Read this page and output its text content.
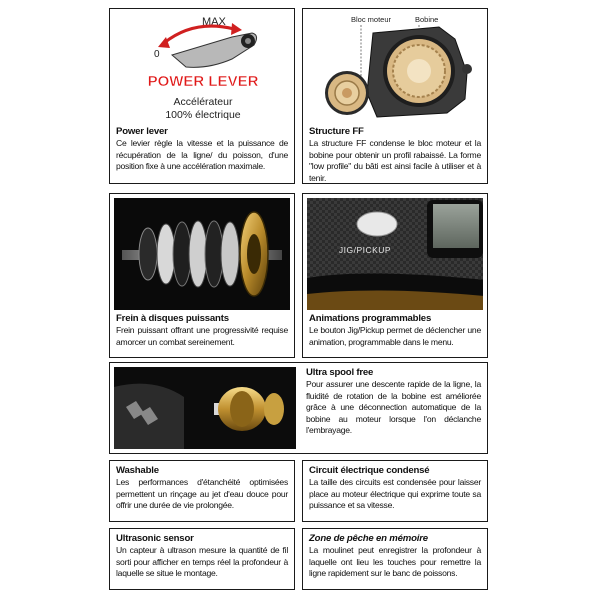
MAX
0
POWER LEVER
Accélérateur
100% électrique
Power lever
Ce levier règle la vitesse et la puissance de récupération de la ligne/ du poisson, d'une position fixe à une accélération maximale.
Bloc moteur	Bobine
Structure FF
La structure FF condense le bloc moteur et la bobine pour obtenir un profil rabaissé. La forme "low profile" du bâti est ainsi facile à utiliser et à tenir.
Frein à disques puissants
Frein puissant offrant une progressivité requise amorcer un combat sereinement.
JIG/PICKUP
Animations programmables
Le bouton Jig/Pickup permet de déclencher une animation, programmable dans le menu.
Ultra spool free
Pour assurer une descente rapide de la ligne, la fluidité de rotation de la bobine est améliorée grâce à une déconnection automatique de la bobine au moteur lorsque l'on déclanche l'embrayage.
Washable
Les performances d'étanchéité optimisées permettent un rinçage au jet d'eau douce pour offrir une durée de vie prolongée.
Circuit électrique condensé
La taille des circuits est condensée pour laisser place au moteur électrique qui exprime toute sa puissance et sa vitesse.
Ultrasonic sensor
Un capteur à ultrason mesure la quantité de fil sorti pour afficher en temps réel la profondeur à laquelle se situe le montage.
Zone de pêche en mémoire
La moulinet peut enregistrer la profondeur à laquelle ont lieu les touches pour remettre la ligne rapidement sur le banc de poissons.
